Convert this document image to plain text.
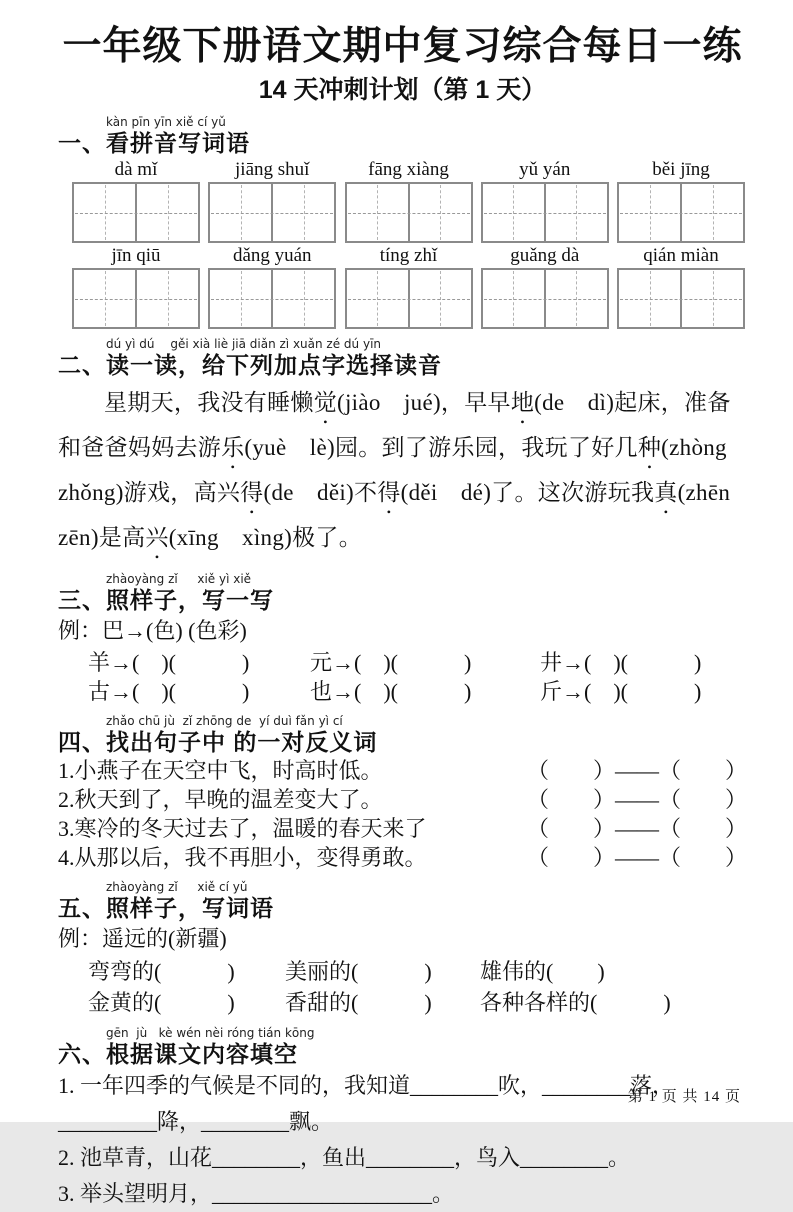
一年级下册语文期中复习综合每日一练
14 天冲刺计划（第 1 天）
kàn pīn yīn xiě cí yǔ
一、看拼音写词语
dà mǐ	jiāng shuǐ	fāng xiàng	yǔ yán	běi jīng
jīn qiū	dǎng yuán	tíng zhǐ	guǎng dà	qián miàn
dú yì dú　 gěi xià liè jiā diǎn zì xuǎn zé dú yīn
二、读一读，给下列加点字选择读音

星期天，我没有睡懒觉(jiào　jué)，早早地(de　dì)起床，准备和爸爸妈妈去游乐(yuè　lè)园。到了游乐园，我玩了好几种(zhòng　zhǒng)游戏，高兴得(de　děi)不得(děi　dé)了。这次游玩我真(zhēn　zēn)是高兴(xīng　xìng)极了。

zhàoyàng zǐ　  xiě yì xiě
三、照样子，写一写
例：巴→(色) (色彩)
羊→(　)(　　　)	元→(　)(　　　)	井→(　)(　　　)
古→(　)(　　　)	也→(　)(　　　)	斤→(　)(　　　)
zhǎo chū jù  zǐ zhōng de  yí duì fǎn yì cí
四、找出句子中 的一对反义词
1.小燕子在天空中飞，时高时低。	（　　）——（　　）
2.秋天到了，早晚的温差变大了。	（　　）——（　　）
3.寒冷的冬天过去了，温暖的春天来了	（　　）——（　　）
4.从那以后，我不再胆小，变得勇敢。	（　　）——（　　）
zhàoyàng zǐ　  xiě cí yǔ
五、照样子，写词语
例：遥远的(新疆)
弯弯的(　　　)	美丽的(　　　)	雄伟的(　　)
金黄的(　　　)	香甜的(　　　)	各种各样的(　　　)
gēn  jù   kè wén nèi róng tián kōng
六、根据课文内容填空

1. 一年四季的气候是不同的，我知道________吹，________落，_________降，________飘。

2. 池草青，山花________，鱼出________，鸟入________。

3. 举头望明月，____________________。

第 1 页 共 14 页
